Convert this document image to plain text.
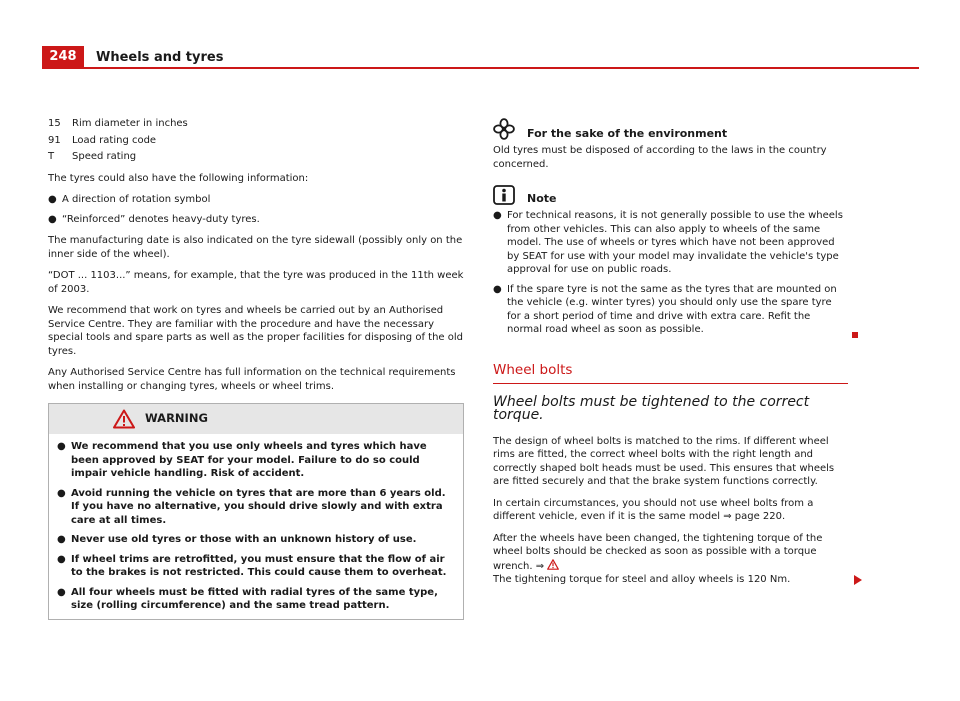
248	Wheels and tyres
15	Rim diameter in inches
91	Load rating code
T	Speed rating

The tyres could also have the following information:

● A direction of rotation symbol
● “Reinforced” denotes heavy-duty tyres.

The manufacturing date is also indicated on the tyre sidewall (possibly only on the inner side of the wheel).

“DOT ... 1103...” means, for example, that the tyre was produced in the 11th week of 2003.

We recommend that work on tyres and wheels be carried out by an Authorised Service Centre. They are familiar with the procedure and have the necessary special tools and spare parts as well as the proper facilities for disposing of the old tyres.

Any Authorised Service Centre has full information on the technical requirements when installing or changing tyres, wheels or wheel trims.

WARNING
● We recommend that you use only wheels and tyres which have been approved by SEAT for your model. Failure to do so could impair vehicle handling. Risk of accident.
● Avoid running the vehicle on tyres that are more than 6 years old. If you have no alternative, you should drive slowly and with extra care at all times.
● Never use old tyres or those with an unknown history of use.
● If wheel trims are retrofitted, you must ensure that the flow of air to the brakes is not restricted. This could cause them to overheat.
● All four wheels must be fitted with radial tyres of the same type, size (rolling circumference) and the same tread pattern.
For the sake of the environment

Old tyres must be disposed of according to the laws in the country concerned.

Note
● For technical reasons, it is not generally possible to use the wheels from other vehicles. This can also apply to wheels of the same model. The use of wheels or tyres which have not been approved by SEAT for use with your model may invalidate the vehicle's type approval for use on public roads.
● If the spare tyre is not the same as the tyres that are mounted on the vehicle (e.g. winter tyres) you should only use the spare tyre for a short period of time and drive with extra care. Refit the normal road wheel as soon as possible.
Wheel bolts
Wheel bolts must be tightened to the correct torque.

The design of wheel bolts is matched to the rims. If different wheel rims are fitted, the correct wheel bolts with the right length and correctly shaped bolt heads must be used. This ensures that wheels are fitted securely and that the brake system functions correctly.

In certain circumstances, you should not use wheel bolts from a different vehicle, even if it is the same model ⇒ page 220.

After the wheels have been changed, the tightening torque of the wheel bolts should be checked as soon as possible with a torque wrench. ⇒
The tightening torque for steel and alloy wheels is 120 Nm.
